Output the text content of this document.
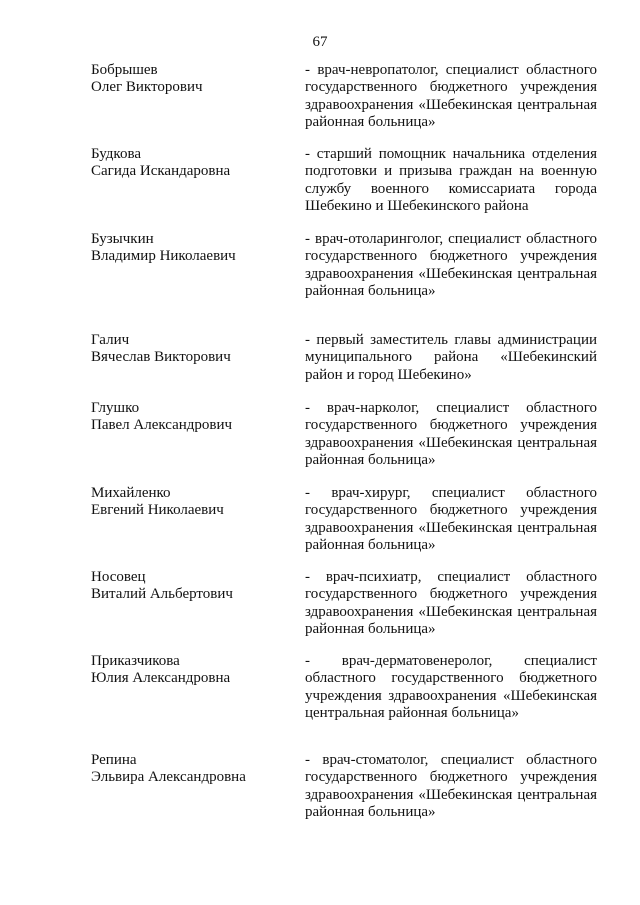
67
Бобрышев
Олег Викторович
- врач-невропатолог, специалист областного государственного бюджетного учреждения здравоохранения «Шебекинская центральная районная больница»
Будкова
Сагида Искандаровна
- старший помощник начальника отделения подготовки и призыва граждан на военную службу военного комиссариата города Шебекино и Шебекинского района
Бузычкин
Владимир Николаевич
- врач-отоларинголог, специалист областного государственного бюджетного учреждения здравоохранения «Шебекинская центральная районная больница»
Галич
Вячеслав Викторович
- первый заместитель главы администрации муниципального района «Шебекинский район и город Шебекино»
Глушко
Павел Александрович
- врач-нарколог, специалист областного государственного бюджетного учреждения здравоохранения «Шебекинская центральная районная больница»
Михайленко
Евгений Николаевич
- врач-хирург, специалист областного государственного бюджетного учреждения здравоохранения «Шебекинская центральная районная больница»
Носовец
Виталий Альбертович
- врач-психиатр, специалист областного государственного бюджетного учреждения здравоохранения «Шебекинская центральная районная больница»
Приказчикова
Юлия Александровна
- врач-дерматовенеролог, специалист областного государственного бюджетного учреждения здравоохранения «Шебекинская центральная районная больница»
Репина
Эльвира Александровна
- врач-стоматолог, специалист областного государственного бюджетного учреждения здравоохранения «Шебекинская центральная районная больница»
